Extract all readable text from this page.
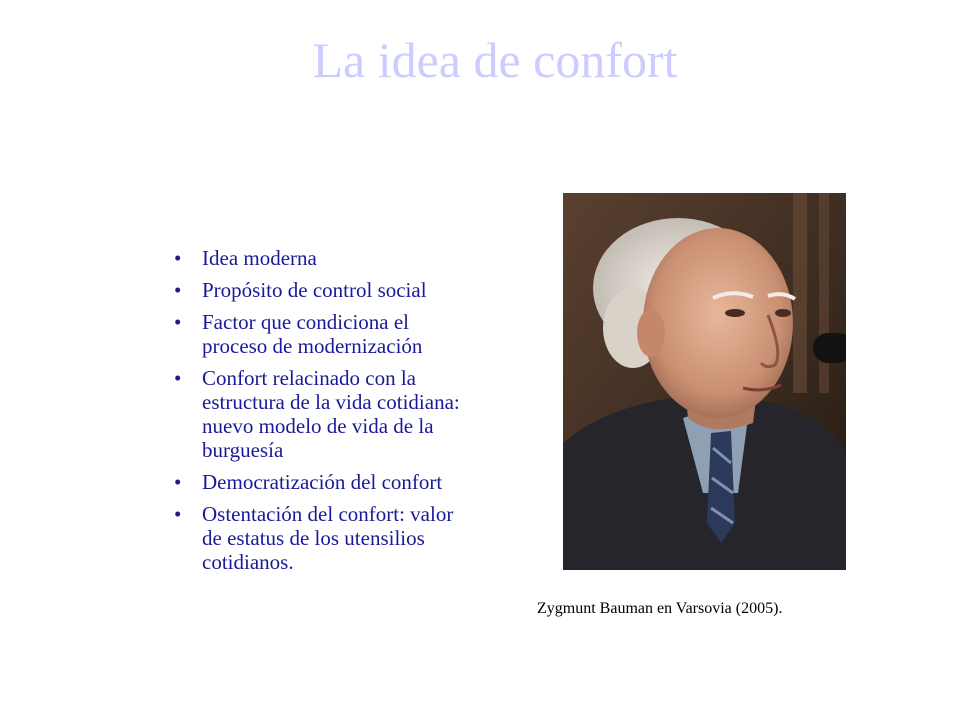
La idea de confort
• Idea moderna
• Propósito de control social
• Factor que condiciona el proceso de modernización
• Confort relacinado con la estructura de la vida cotidiana: nuevo modelo de vida de la burguesía
• Democratización del confort
• Ostentación del confort: valor de estatus de los utensilios cotidianos.
Zygmunt Bauman en Varsovia (2005).
